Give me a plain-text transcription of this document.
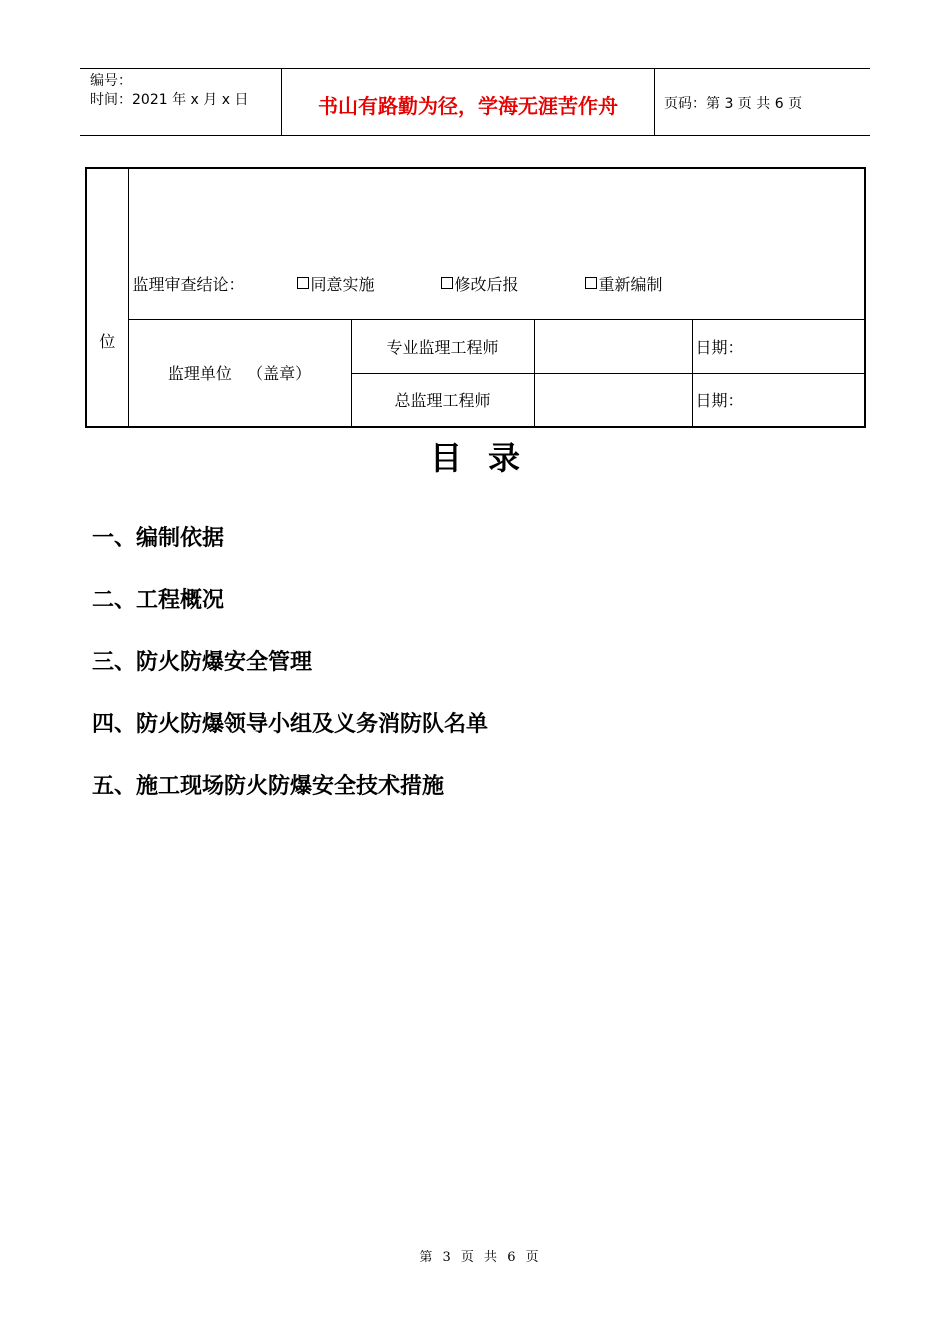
编号：
时间：2021 年 x 月 x 日	书山有路勤为径，学海无涯苦作舟	页码：第 3 页 共 6 页
位	监理审查结论： 同意实施 修改后报 重新编制			

	监理单位   （盖章）	专业监理工程师		日期：
		总监理工程师		日期：
目录
一、编制依据
二、工程概况
三、防火防爆安全管理
四、防火防爆领导小组及义务消防队名单
五、施工现场防火防爆安全技术措施
第 3 页 共 6 页
